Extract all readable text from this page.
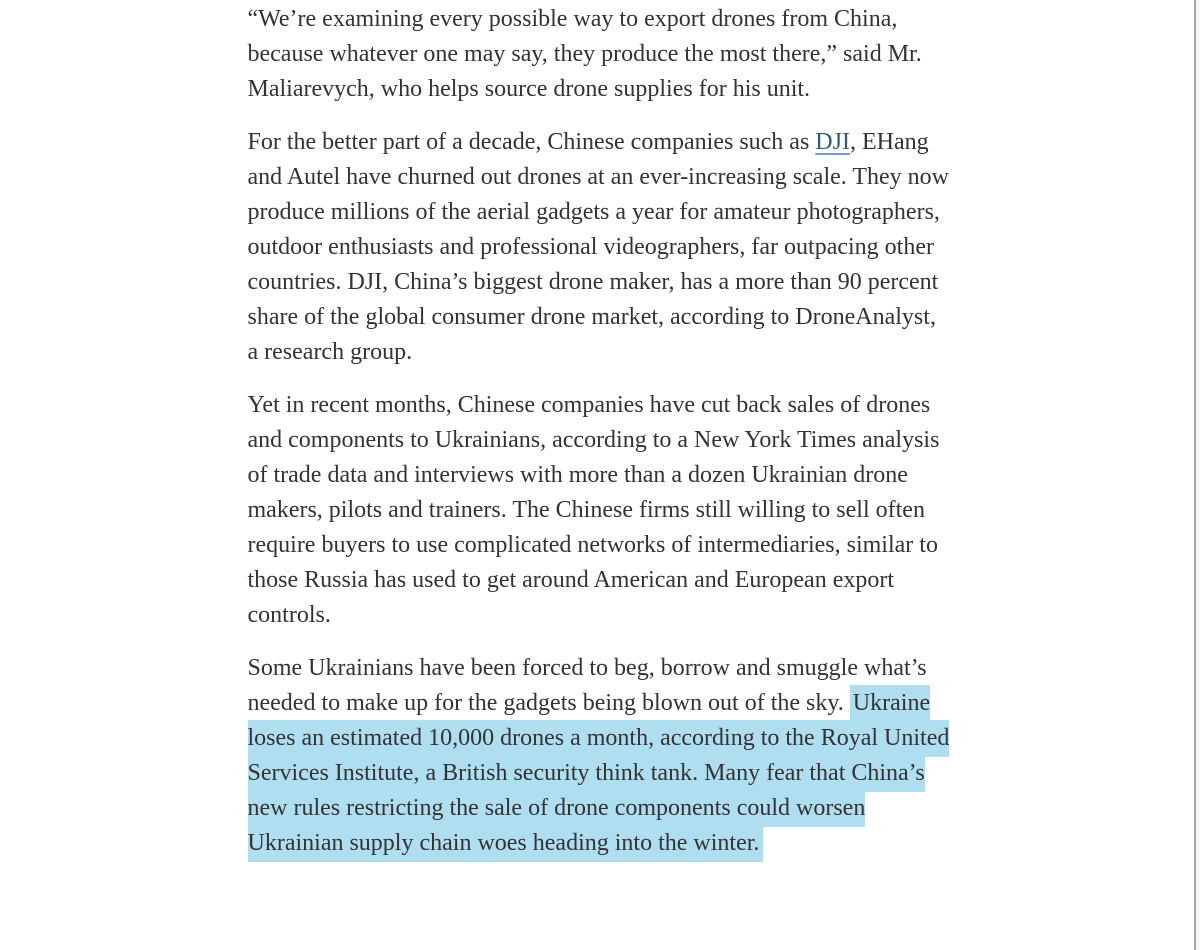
“We’re examining every possible way to export drones from China, because whatever one may say, they produce the most there,” said Mr. Maliarevych, who helps source drone supplies for his unit.

For the better part of a decade, Chinese companies such as DJI, EHang and Autel have churned out drones at an ever-increasing scale. They now produce millions of the aerial gadgets a year for amateur photographers, outdoor enthusiasts and professional videographers, far outpacing other countries. DJI, China’s biggest drone maker, has a more than 90 percent share of the global consumer drone market, according to DroneAnalyst, a research group.

Yet in recent months, Chinese companies have cut back sales of drones and components to Ukrainians, according to a New York Times analysis of trade data and interviews with more than a dozen Ukrainian drone makers, pilots and trainers. The Chinese firms still willing to sell often require buyers to use complicated networks of intermediaries, similar to those Russia has used to get around American and European export controls.

Some Ukrainians have been forced to beg, borrow and smuggle what’s needed to make up for the gadgets being blown out of the sky. Ukraine loses an estimated 10,000 drones a month, according to the Royal United Services Institute, a British security think tank. Many fear that China’s new rules restricting the sale of drone components could worsen Ukrainian supply chain woes heading into the winter.
